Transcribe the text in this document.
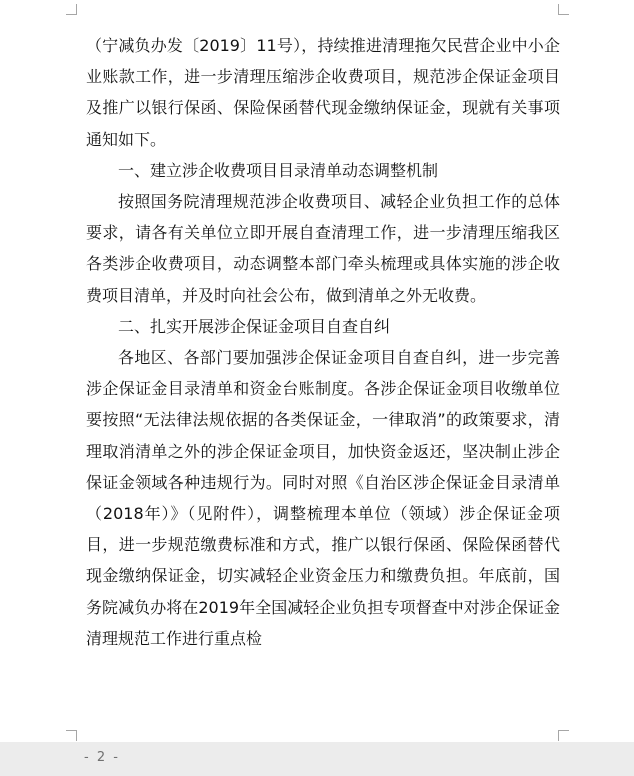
（宁减负办发〔2019〕11号），持续推进清理拖欠民营企业中小企业账款工作，进一步清理压缩涉企收费项目，规范涉企保证金项目及推广以银行保函、保险保函替代现金缴纳保证金，现就有关事项通知如下。

一、建立涉企收费项目目录清单动态调整机制

按照国务院清理规范涉企收费项目、减轻企业负担工作的总体要求，请各有关单位立即开展自查清理工作，进一步清理压缩我区各类涉企收费项目，动态调整本部门牵头梳理或具体实施的涉企收费项目清单，并及时向社会公布，做到清单之外无收费。

二、扎实开展涉企保证金项目自查自纠

各地区、各部门要加强涉企保证金项目自查自纠，进一步完善涉企保证金目录清单和资金台账制度。各涉企保证金项目收缴单位要按照“无法律法规依据的各类保证金，一律取消”的政策要求，清理取消清单之外的涉企保证金项目，加快资金返还，坚决制止涉企保证金领域各种违规行为。同时对照《自治区涉企保证金目录清单（2018年）》（见附件），调整梳理本单位（领域）涉企保证金项目，进一步规范缴费标准和方式，推广以银行保函、保险保函替代现金缴纳保证金，切实减轻企业资金压力和缴费负担。年底前，国务院减负办将在2019年全国减轻企业负担专项督查中对涉企保证金清理规范工作进行重点检

- 2 -
